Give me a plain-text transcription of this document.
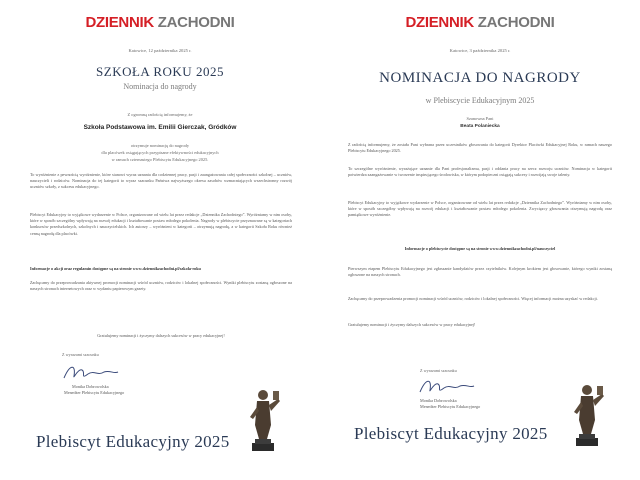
DZIENNIK ZACHODNI
Katowice, 12 października 2025 r.
SZKOŁA ROKU 2025
Nominacja do nagrody
Z ogromną radością informujemy, że
Szkoła Podstawowa im. Emilii Gierczak, Gródków
otrzymuje nominację do nagrody
dla placówek osiągających przypisane efektywności edukacyjnych
w ramach czternastego Plebiscytu Edukacyjnego 2025.
To wyróżnienie z pewnością wyróżnienie, które stanowi wyraz uznania dla codziennej pracy, pasji i zaangażowania całej społeczności szkolnej – uczniów, nauczycieli i rodziców. Nominacja do tej kategorii to wyraz szacunku Państwa najwyższego okresu zasobów wzmacniających wszechstronny rozwój uczniów szkoły, z sukcesu edukacyjnego.
Plebiscyt Edukacyjny to wyjątkowe wydarzenie w Polsce, organizowane od wielu lat przez redakcje „Dziennika Zachodniego”. Wyróżniamy w nim osoby, które w sposób szczególny wpływają na rozwój edukacji i kształtowanie postaw młodego pokolenia. Nagrody w plebiscycie przyznawane są w kategoriach konkursów przedszkolnych, szkolnych i nauczycielskich. Ich autorzy – wyróżnieni w kategorii – otrzymują nagrodę, a w kategorii Szkoła Roku również cenną nagrodę dla placówki.
Informacje o akcji oraz regulamin dostępne są na stronie www.dziennikzachodni.pl/szkola-roku
Zachęcamy do przeprowadzania aktywnej promocji nominacji wśród uczniów, rodziców i lokalnej społeczności. Wyniki plebiscytu zostaną ogłoszone na naszych stronach internetowych oraz w wydaniu papierowym gazety.
Gratulujemy nominacji i życzymy dalszych sukcesów w pracy edukacyjnej!
Z wyrazami szacunku
Monika Dobrowolska
Menedżer Plebiscytu Edukacyjnego
Plebiscyt Edukacyjny 2025
DZIENNIK ZACHODNI
Katowice, 3 października 2025 r.
NOMINACJA DO NAGRODY
w Plebiscycie Edukacyjnym 2025
Szanowna Pani
Beata Polaniecka
Z radością informujemy, że została Pani wybrana przez uczestników głosowania do kategorii Dyrektor Placówki Edukacyjnej Roku, w ramach naszego Plebiscytu Edukacyjnego 2025.
To szczególne wyróżnienie, wyrażające uznanie dla Pani profesjonalizmu, pasji i oddania pracy na rzecz rozwoju uczniów. Nominacja w kategorii potwierdza zaangażowanie w tworzenie inspirującego środowiska, w którym podopieczni osiągają sukcesy i rozwijają swoje talenty.
Plebiscyt Edukacyjny to wyjątkowe wydarzenie w Polsce, organizowane od wielu lat przez redakcje „Dziennika Zachodniego”. Wyróżniamy w nim osoby, które w sposób szczególny wpływają na rozwój edukacji i kształtowanie postaw młodego pokolenia. Zwycięzcy głosowania otrzymują nagrodę oraz pamiątkowe wyróżnienie.
Informacje o plebiscycie dostępne są na stronie www.dziennikzachodni.pl/nauczyciel
Pierwszym etapem Plebiscytu Edukacyjnego jest zgłaszanie kandydatów przez czytelników. Kolejnym krokiem jest głosowanie, którego wyniki zostaną ogłoszone na naszych stronach.
Zachęcamy do przeprowadzenia promocji nominacji wśród uczniów, rodziców i lokalnej społeczności. Więcej informacji można uzyskać w redakcji.
Gratulujemy nominacji i życzymy dalszych sukcesów w pracy edukacyjnej!
Z wyrazami szacunku
Monika Dobrowolska
Menedżer Plebiscytu Edukacyjnego
Plebiscyt Edukacyjny 2025
